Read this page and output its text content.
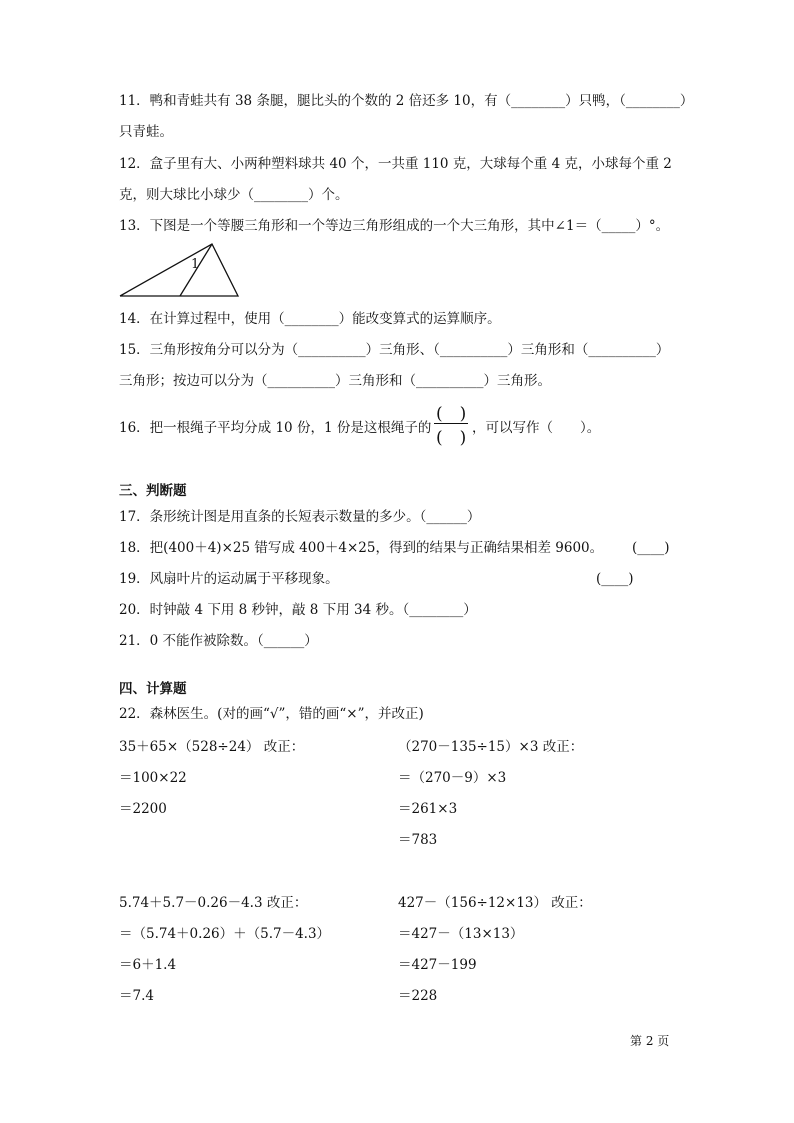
11．鸭和青蛙共有 38 条腿，腿比头的个数的 2 倍还多 10，有（________）只鸭，（________）
只青蛙。
12．盒子里有大、小两种塑料球共 40 个，一共重 110 克，大球每个重 4 克，小球每个重 2
克，则大球比小球少（________）个。
13．下图是一个等腰三角形和一个等边三角形组成的一个大三角形，其中∠1＝（_____）°。
1
14．在计算过程中，使用（________）能改变算式的运算顺序。
15．三角形按角分可以分为（__________）三角形、（__________）三角形和（__________）
三角形；按边可以分为（__________）三角形和（__________）三角形。
16．把一根绳子平均分成 10 份，1 份是这根绳子的
(　)
(　) ，可以写作（　　）。
三、判断题
17．条形统计图是用直条的长短表示数量的多少。（______）
18．把(400＋4)×25 错写成 400＋4×25，得到的结果与正确结果相差 9600。 (____)
19．风扇叶片的运动属于平移现象。	(____)
20．时钟敲 4 下用 8 秒钟，敲 8 下用 34 秒。（________）
21．0 不能作被除数。（______）
四、计算题
22．森林医生。(对的画“√”，错的画“×”，并改正)
35＋65×（528÷24） 改正：
＝100×22
＝2200
（270－135÷15）×3 改正：
＝（270－9）×3
＝261×3
＝783
5.74＋5.7－0.26－4.3 改正：
＝（5.74＋0.26）＋（5.7－4.3）
＝6＋1.4
＝7.4
427－（156÷12×13） 改正：
＝427－（13×13）
＝427－199
＝228
第 2 页
